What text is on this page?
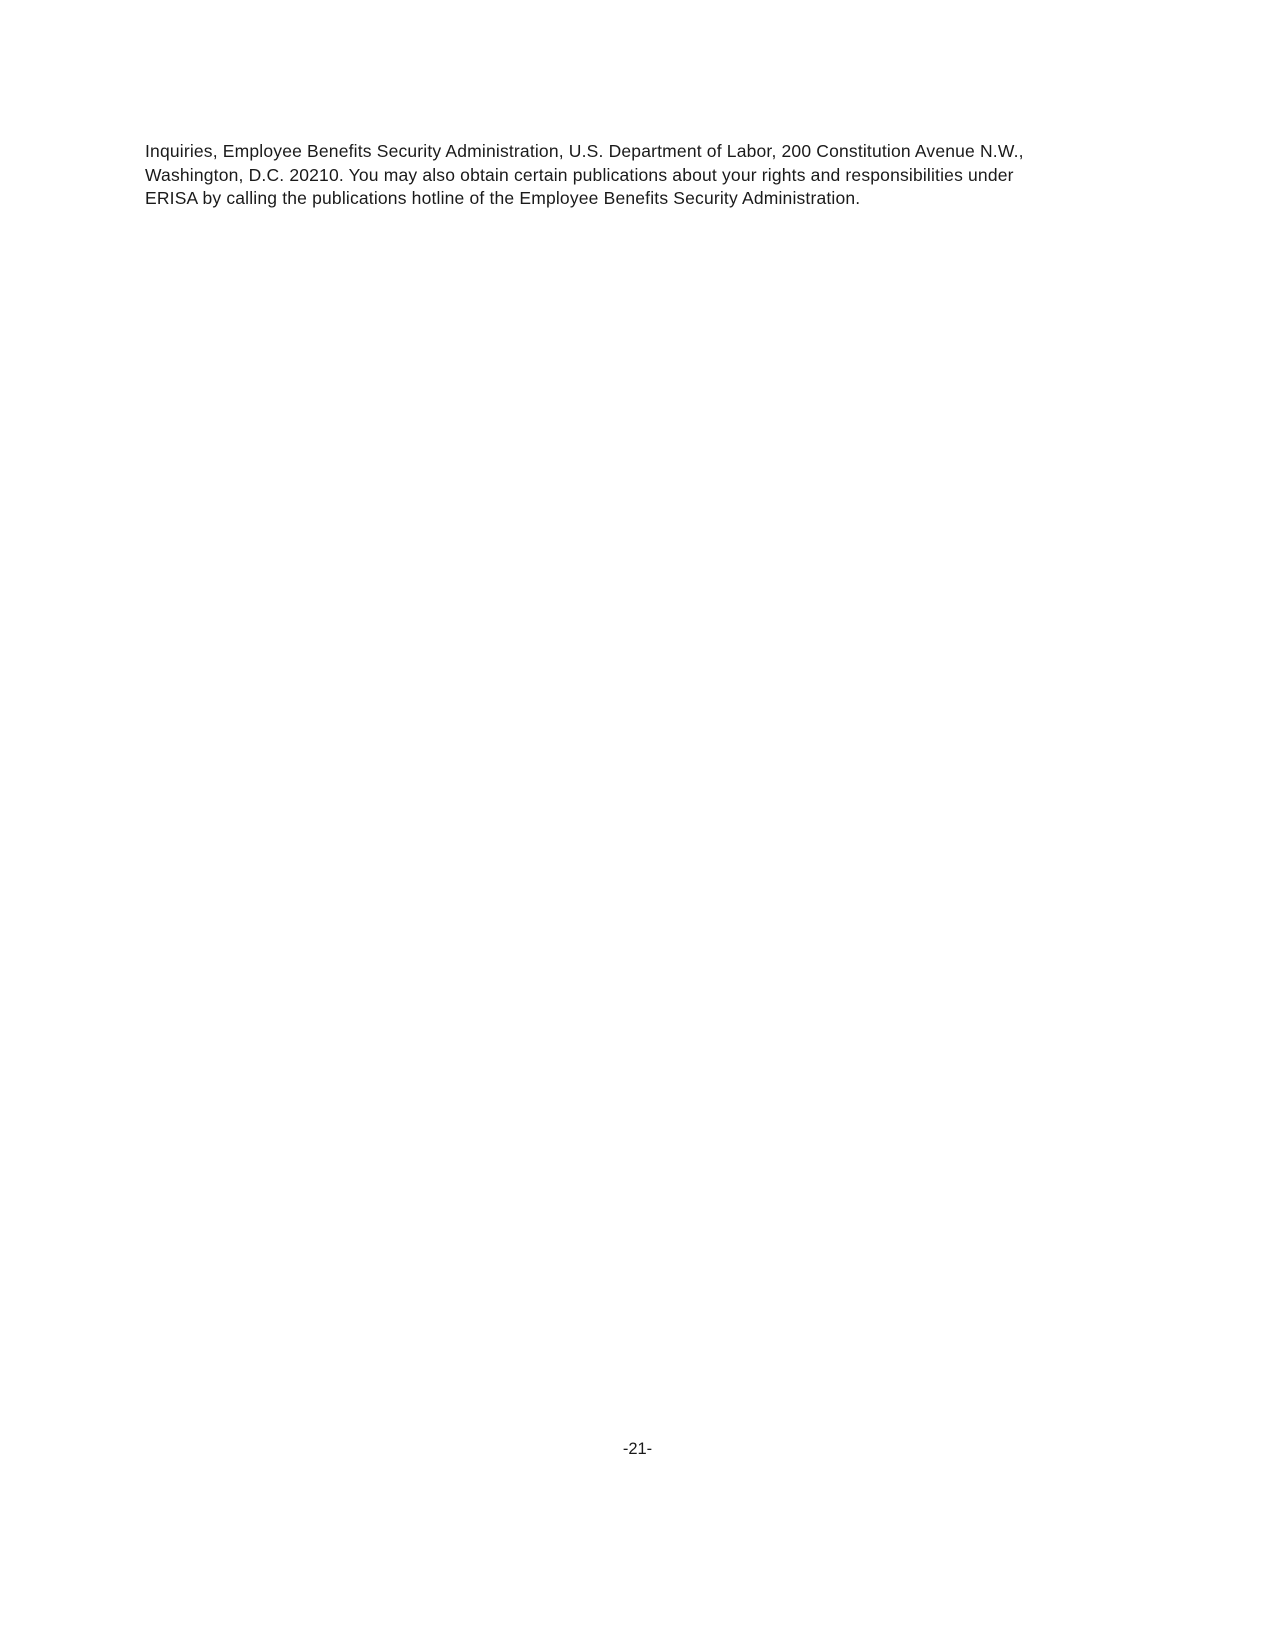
Inquiries, Employee Benefits Security Administration, U.S. Department of Labor, 200 Constitution Avenue N.W., Washington, D.C. 20210. You may also obtain certain publications about your rights and responsibilities under ERISA by calling the publications hotline of the Employee Benefits Security Administration.

-21-
